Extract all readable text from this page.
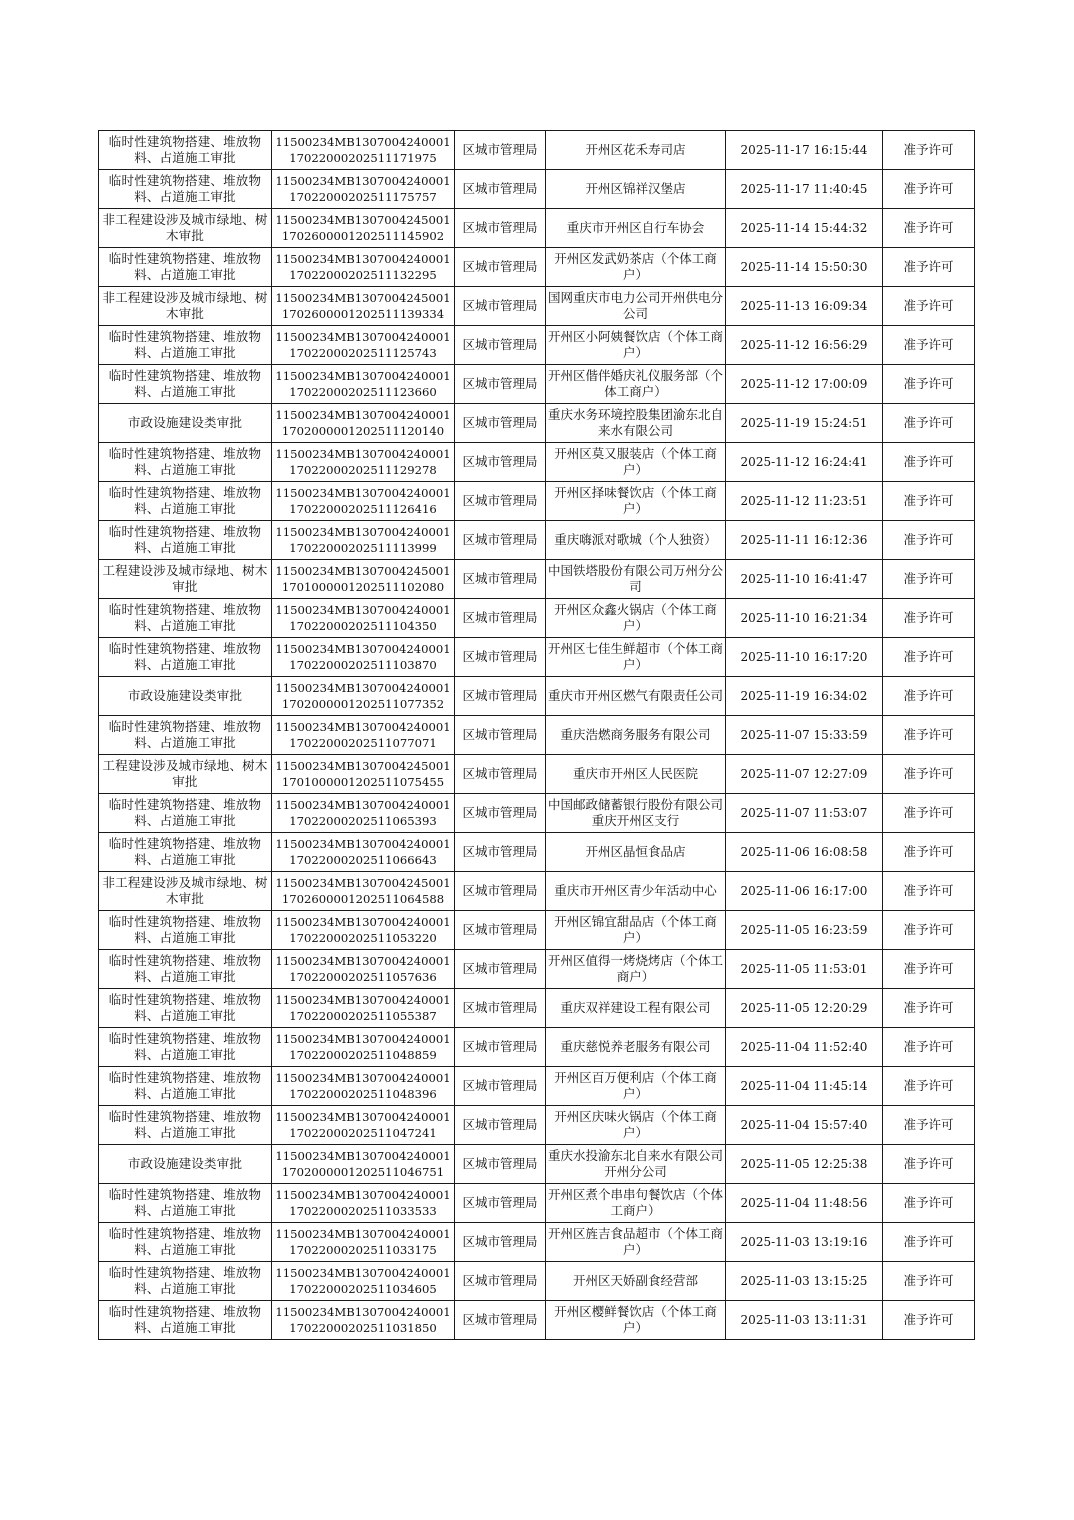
临时性建筑物搭建、堆放物料、占道施工审批	11500234MB130700424000117022000202511171975	区城市管理局	开州区花禾寿司店	2025-11-17 16:15:44	准予许可
临时性建筑物搭建、堆放物料、占道施工审批	11500234MB130700424000117022000202511175757	区城市管理局	开州区锦祥汉堡店	2025-11-17 11:40:45	准予许可
非工程建设涉及城市绿地、树木审批	11500234MB13070042450011702600001202511145902	区城市管理局	重庆市开州区自行车协会	2025-11-14 15:44:32	准予许可
临时性建筑物搭建、堆放物料、占道施工审批	11500234MB130700424000117022000202511132295	区城市管理局	开州区发武奶茶店（个体工商户）	2025-11-14 15:50:30	准予许可
非工程建设涉及城市绿地、树木审批	11500234MB13070042450011702600001202511139334	区城市管理局	国网重庆市电力公司开州供电分公司	2025-11-13 16:09:34	准予许可
临时性建筑物搭建、堆放物料、占道施工审批	11500234MB130700424000117022000202511125743	区城市管理局	开州区小阿姨餐饮店（个体工商户）	2025-11-12 16:56:29	准予许可
临时性建筑物搭建、堆放物料、占道施工审批	11500234MB130700424000117022000202511123660	区城市管理局	开州区偕伴婚庆礼仪服务部（个体工商户）	2025-11-12 17:00:09	准予许可
市政设施建设类审批	11500234MB13070042400011702000001202511120140	区城市管理局	重庆水务环境控股集团渝东北自来水有限公司	2025-11-19 15:24:51	准予许可
临时性建筑物搭建、堆放物料、占道施工审批	11500234MB130700424000117022000202511129278	区城市管理局	开州区莫又服装店（个体工商户）	2025-11-12 16:24:41	准予许可
临时性建筑物搭建、堆放物料、占道施工审批	11500234MB130700424000117022000202511126416	区城市管理局	开州区择味餐饮店（个体工商户）	2025-11-12 11:23:51	准予许可
临时性建筑物搭建、堆放物料、占道施工审批	11500234MB130700424000117022000202511113999	区城市管理局	重庆嗨派对歌城（个人独资）	2025-11-11 16:12:36	准予许可
工程建设涉及城市绿地、树木审批	11500234MB13070042450011701000001202511102080	区城市管理局	中国铁塔股份有限公司万州分公司	2025-11-10 16:41:47	准予许可
临时性建筑物搭建、堆放物料、占道施工审批	11500234MB130700424000117022000202511104350	区城市管理局	开州区众鑫火锅店（个体工商户）	2025-11-10 16:21:34	准予许可
临时性建筑物搭建、堆放物料、占道施工审批	11500234MB130700424000117022000202511103870	区城市管理局	开州区七佳生鲜超市（个体工商户）	2025-11-10 16:17:20	准予许可
市政设施建设类审批	11500234MB13070042400011702000001202511077352	区城市管理局	重庆市开州区燃气有限责任公司	2025-11-19 16:34:02	准予许可
临时性建筑物搭建、堆放物料、占道施工审批	11500234MB130700424000117022000202511077071	区城市管理局	重庆浩燃商务服务有限公司	2025-11-07 15:33:59	准予许可
工程建设涉及城市绿地、树木审批	11500234MB13070042450011701000001202511075455	区城市管理局	重庆市开州区人民医院	2025-11-07 12:27:09	准予许可
临时性建筑物搭建、堆放物料、占道施工审批	11500234MB130700424000117022000202511065393	区城市管理局	中国邮政储蓄银行股份有限公司重庆开州区支行	2025-11-07 11:53:07	准予许可
临时性建筑物搭建、堆放物料、占道施工审批	11500234MB130700424000117022000202511066643	区城市管理局	开州区晶恒食品店	2025-11-06 16:08:58	准予许可
非工程建设涉及城市绿地、树木审批	11500234MB13070042450011702600001202511064588	区城市管理局	重庆市开州区青少年活动中心	2025-11-06 16:17:00	准予许可
临时性建筑物搭建、堆放物料、占道施工审批	11500234MB130700424000117022000202511053220	区城市管理局	开州区锦宜甜品店（个体工商户）	2025-11-05 16:23:59	准予许可
临时性建筑物搭建、堆放物料、占道施工审批	11500234MB130700424000117022000202511057636	区城市管理局	开州区值得一烤烧烤店（个体工商户）	2025-11-05 11:53:01	准予许可
临时性建筑物搭建、堆放物料、占道施工审批	11500234MB130700424000117022000202511055387	区城市管理局	重庆双祥建设工程有限公司	2025-11-05 12:20:29	准予许可
临时性建筑物搭建、堆放物料、占道施工审批	11500234MB130700424000117022000202511048859	区城市管理局	重庆慈悦养老服务有限公司	2025-11-04 11:52:40	准予许可
临时性建筑物搭建、堆放物料、占道施工审批	11500234MB130700424000117022000202511048396	区城市管理局	开州区百万便利店（个体工商户）	2025-11-04 11:45:14	准予许可
临时性建筑物搭建、堆放物料、占道施工审批	11500234MB130700424000117022000202511047241	区城市管理局	开州区庆味火锅店（个体工商户）	2025-11-04 15:57:40	准予许可
市政设施建设类审批	11500234MB13070042400011702000001202511046751	区城市管理局	重庆水投渝东北自来水有限公司开州分公司	2025-11-05 12:25:38	准予许可
临时性建筑物搭建、堆放物料、占道施工审批	11500234MB130700424000117022000202511033533	区城市管理局	开州区煮个串串句餐饮店（个体工商户）	2025-11-04 11:48:56	准予许可
临时性建筑物搭建、堆放物料、占道施工审批	11500234MB130700424000117022000202511033175	区城市管理局	开州区旌吉食品超市（个体工商户）	2025-11-03 13:19:16	准予许可
临时性建筑物搭建、堆放物料、占道施工审批	11500234MB130700424000117022000202511034605	区城市管理局	开州区天娇副食经营部	2025-11-03 13:15:25	准予许可
临时性建筑物搭建、堆放物料、占道施工审批	11500234MB130700424000117022000202511031850	区城市管理局	开州区樱鲜餐饮店（个体工商户）	2025-11-03 13:11:31	准予许可
